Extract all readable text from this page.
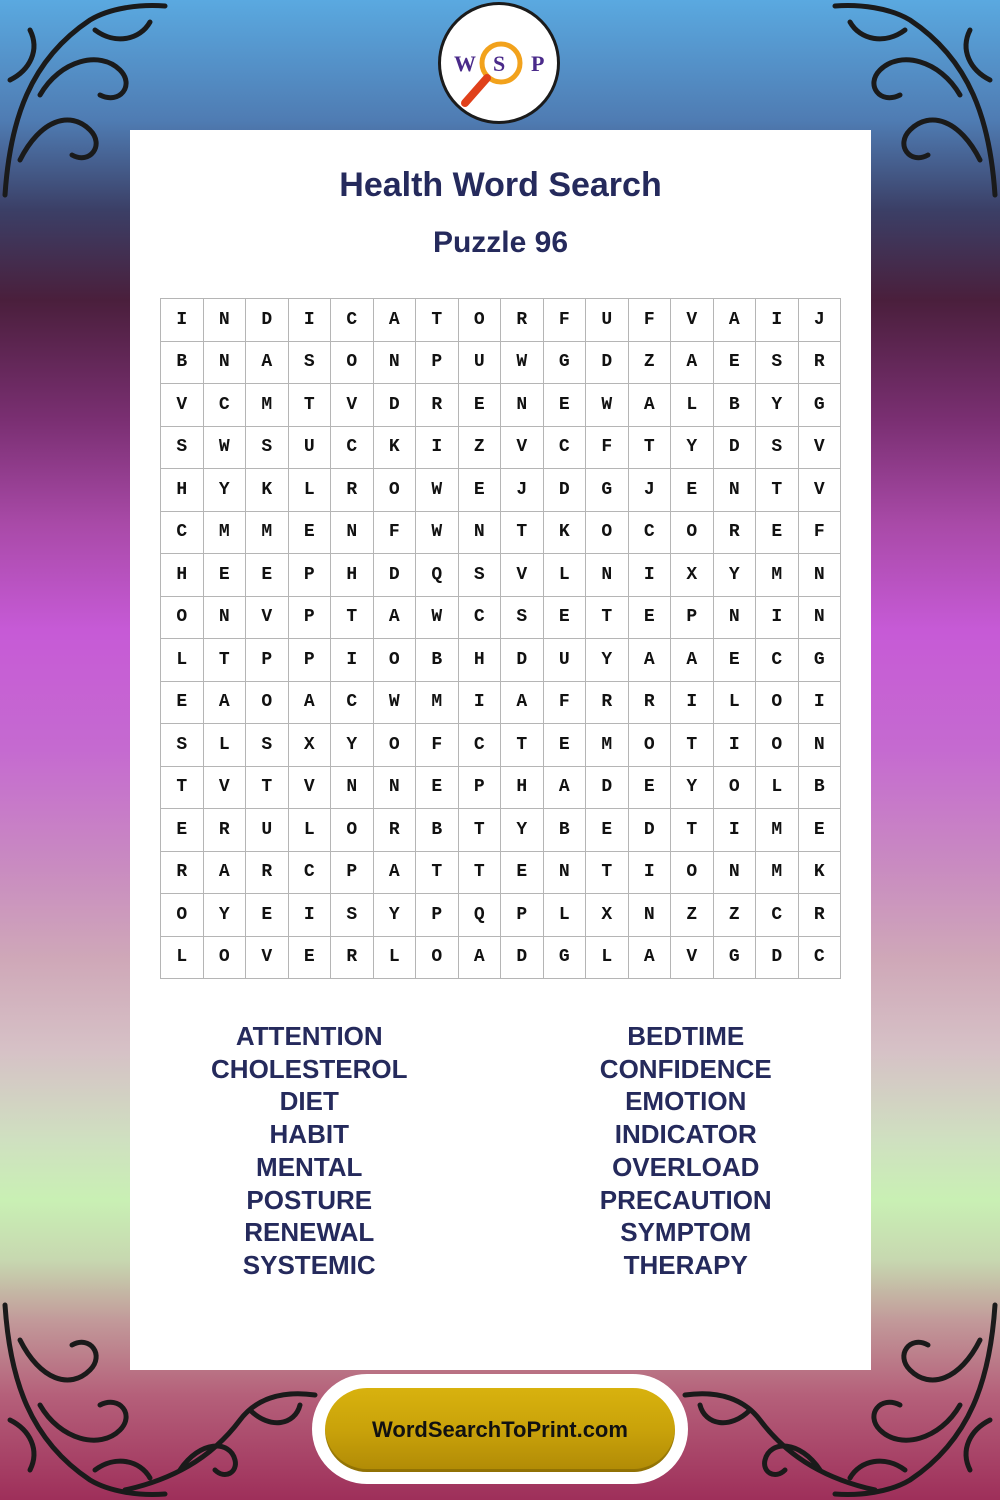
W S P
Health Word Search
Puzzle 96
I	N	D	I	C	A	T	O	R	F	U	F	V	A	I	J
B	N	A	S	O	N	P	U	W	G	D	Z	A	E	S	R
V	C	M	T	V	D	R	E	N	E	W	A	L	B	Y	G
S	W	S	U	C	K	I	Z	V	C	F	T	Y	D	S	V
H	Y	K	L	R	O	W	E	J	D	G	J	E	N	T	V
C	M	M	E	N	F	W	N	T	K	O	C	O	R	E	F
H	E	E	P	H	D	Q	S	V	L	N	I	X	Y	M	N
O	N	V	P	T	A	W	C	S	E	T	E	P	N	I	N
L	T	P	P	I	O	B	H	D	U	Y	A	A	E	C	G
E	A	O	A	C	W	M	I	A	F	R	R	I	L	O	I
S	L	S	X	Y	O	F	C	T	E	M	O	T	I	O	N
T	V	T	V	N	N	E	P	H	A	D	E	Y	O	L	B
E	R	U	L	O	R	B	T	Y	B	E	D	T	I	M	E
R	A	R	C	P	A	T	T	E	N	T	I	O	N	M	K
O	Y	E	I	S	Y	P	Q	P	L	X	N	Z	Z	C	R
L	O	V	E	R	L	O	A	D	G	L	A	V	G	D	C
ATTENTION
CHOLESTEROL
DIET
HABIT
MENTAL
POSTURE
RENEWAL
SYSTEMIC
BEDTIME
CONFIDENCE
EMOTION
INDICATOR
OVERLOAD
PRECAUTION
SYMPTOM
THERAPY
WordSearchToPrint.com
